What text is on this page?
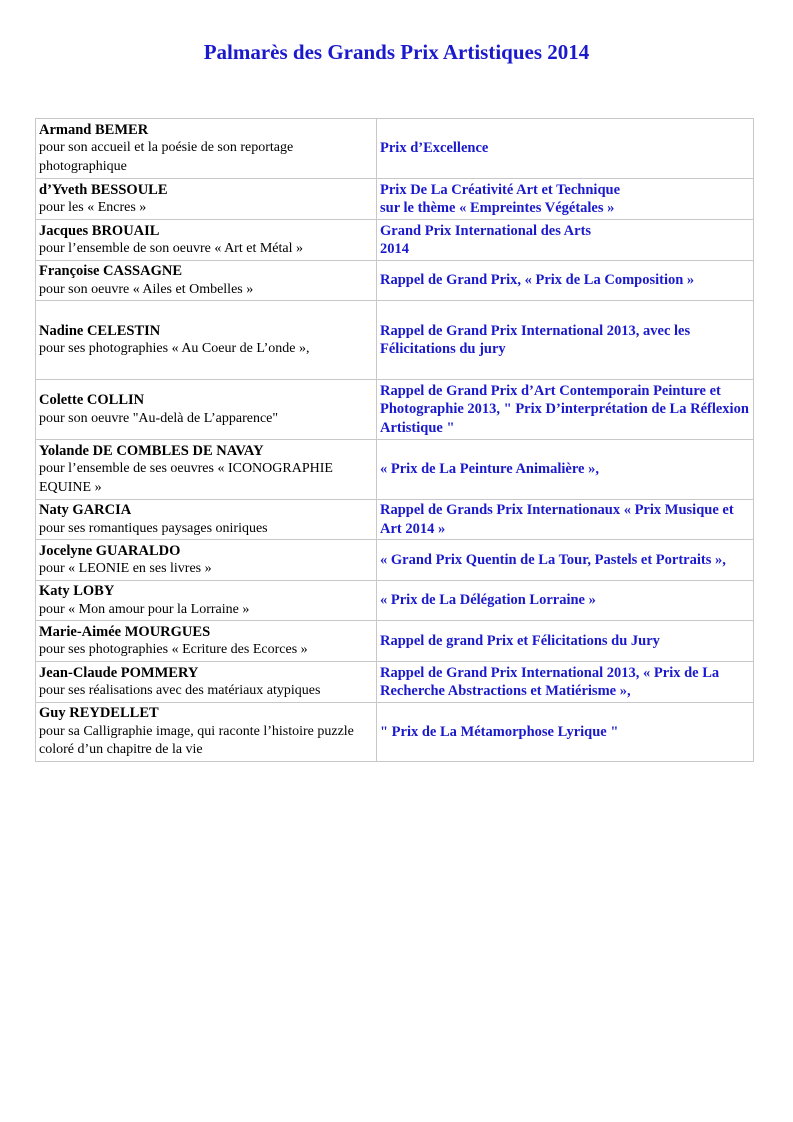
Palmarès des Grands Prix Artistiques 2014
Armand BEMER
pour son accueil et la poésie de son reportage photographique	Prix d’Excellence

d’Yveth BESSOULE
pour les « Encres »	Prix De La Créativité Art et Technique
sur le thème « Empreintes Végétales »

Jacques BROUAIL
pour l’ensemble de son oeuvre « Art et Métal »	Grand Prix International des Arts
2014

Françoise CASSAGNE
pour son oeuvre « Ailes et Ombelles »	Rappel de Grand Prix, « Prix de La Composition »

Nadine CELESTIN
pour ses photographies « Au Coeur de L’onde »,	Rappel de Grand Prix International 2013, avec les Félicitations du jury

Colette COLLIN
pour son oeuvre "Au-delà de L’apparence"	Rappel de Grand Prix d’Art Contemporain Peinture et Photographie 2013, " Prix D’interprétation de La Réflexion Artistique "

Yolande DE COMBLES DE NAVAY
pour l’ensemble de ses oeuvres « ICONOGRAPHIE EQUINE »	« Prix de La Peinture Animalière »,

Naty GARCIA
pour ses romantiques paysages oniriques	Rappel de Grands Prix Internationaux « Prix Musique et Art 2014 »

Jocelyne GUARALDO
pour « LEONIE en ses livres »	« Grand Prix Quentin de La Tour, Pastels et Portraits »,

Katy LOBY
pour « Mon amour pour la Lorraine »	« Prix de La Délégation Lorraine »

Marie-Aimée MOURGUES
pour ses photographies « Ecriture des Ecorces »	Rappel de grand Prix et Félicitations du Jury

Jean-Claude POMMERY
pour ses réalisations avec des matériaux atypiques	Rappel de Grand Prix International 2013, « Prix de La Recherche Abstractions et Matiérisme »,

Guy REYDELLET
pour sa Calligraphie image, qui raconte l’histoire puzzle coloré d’un chapitre de la vie	" Prix de La Métamorphose Lyrique "
